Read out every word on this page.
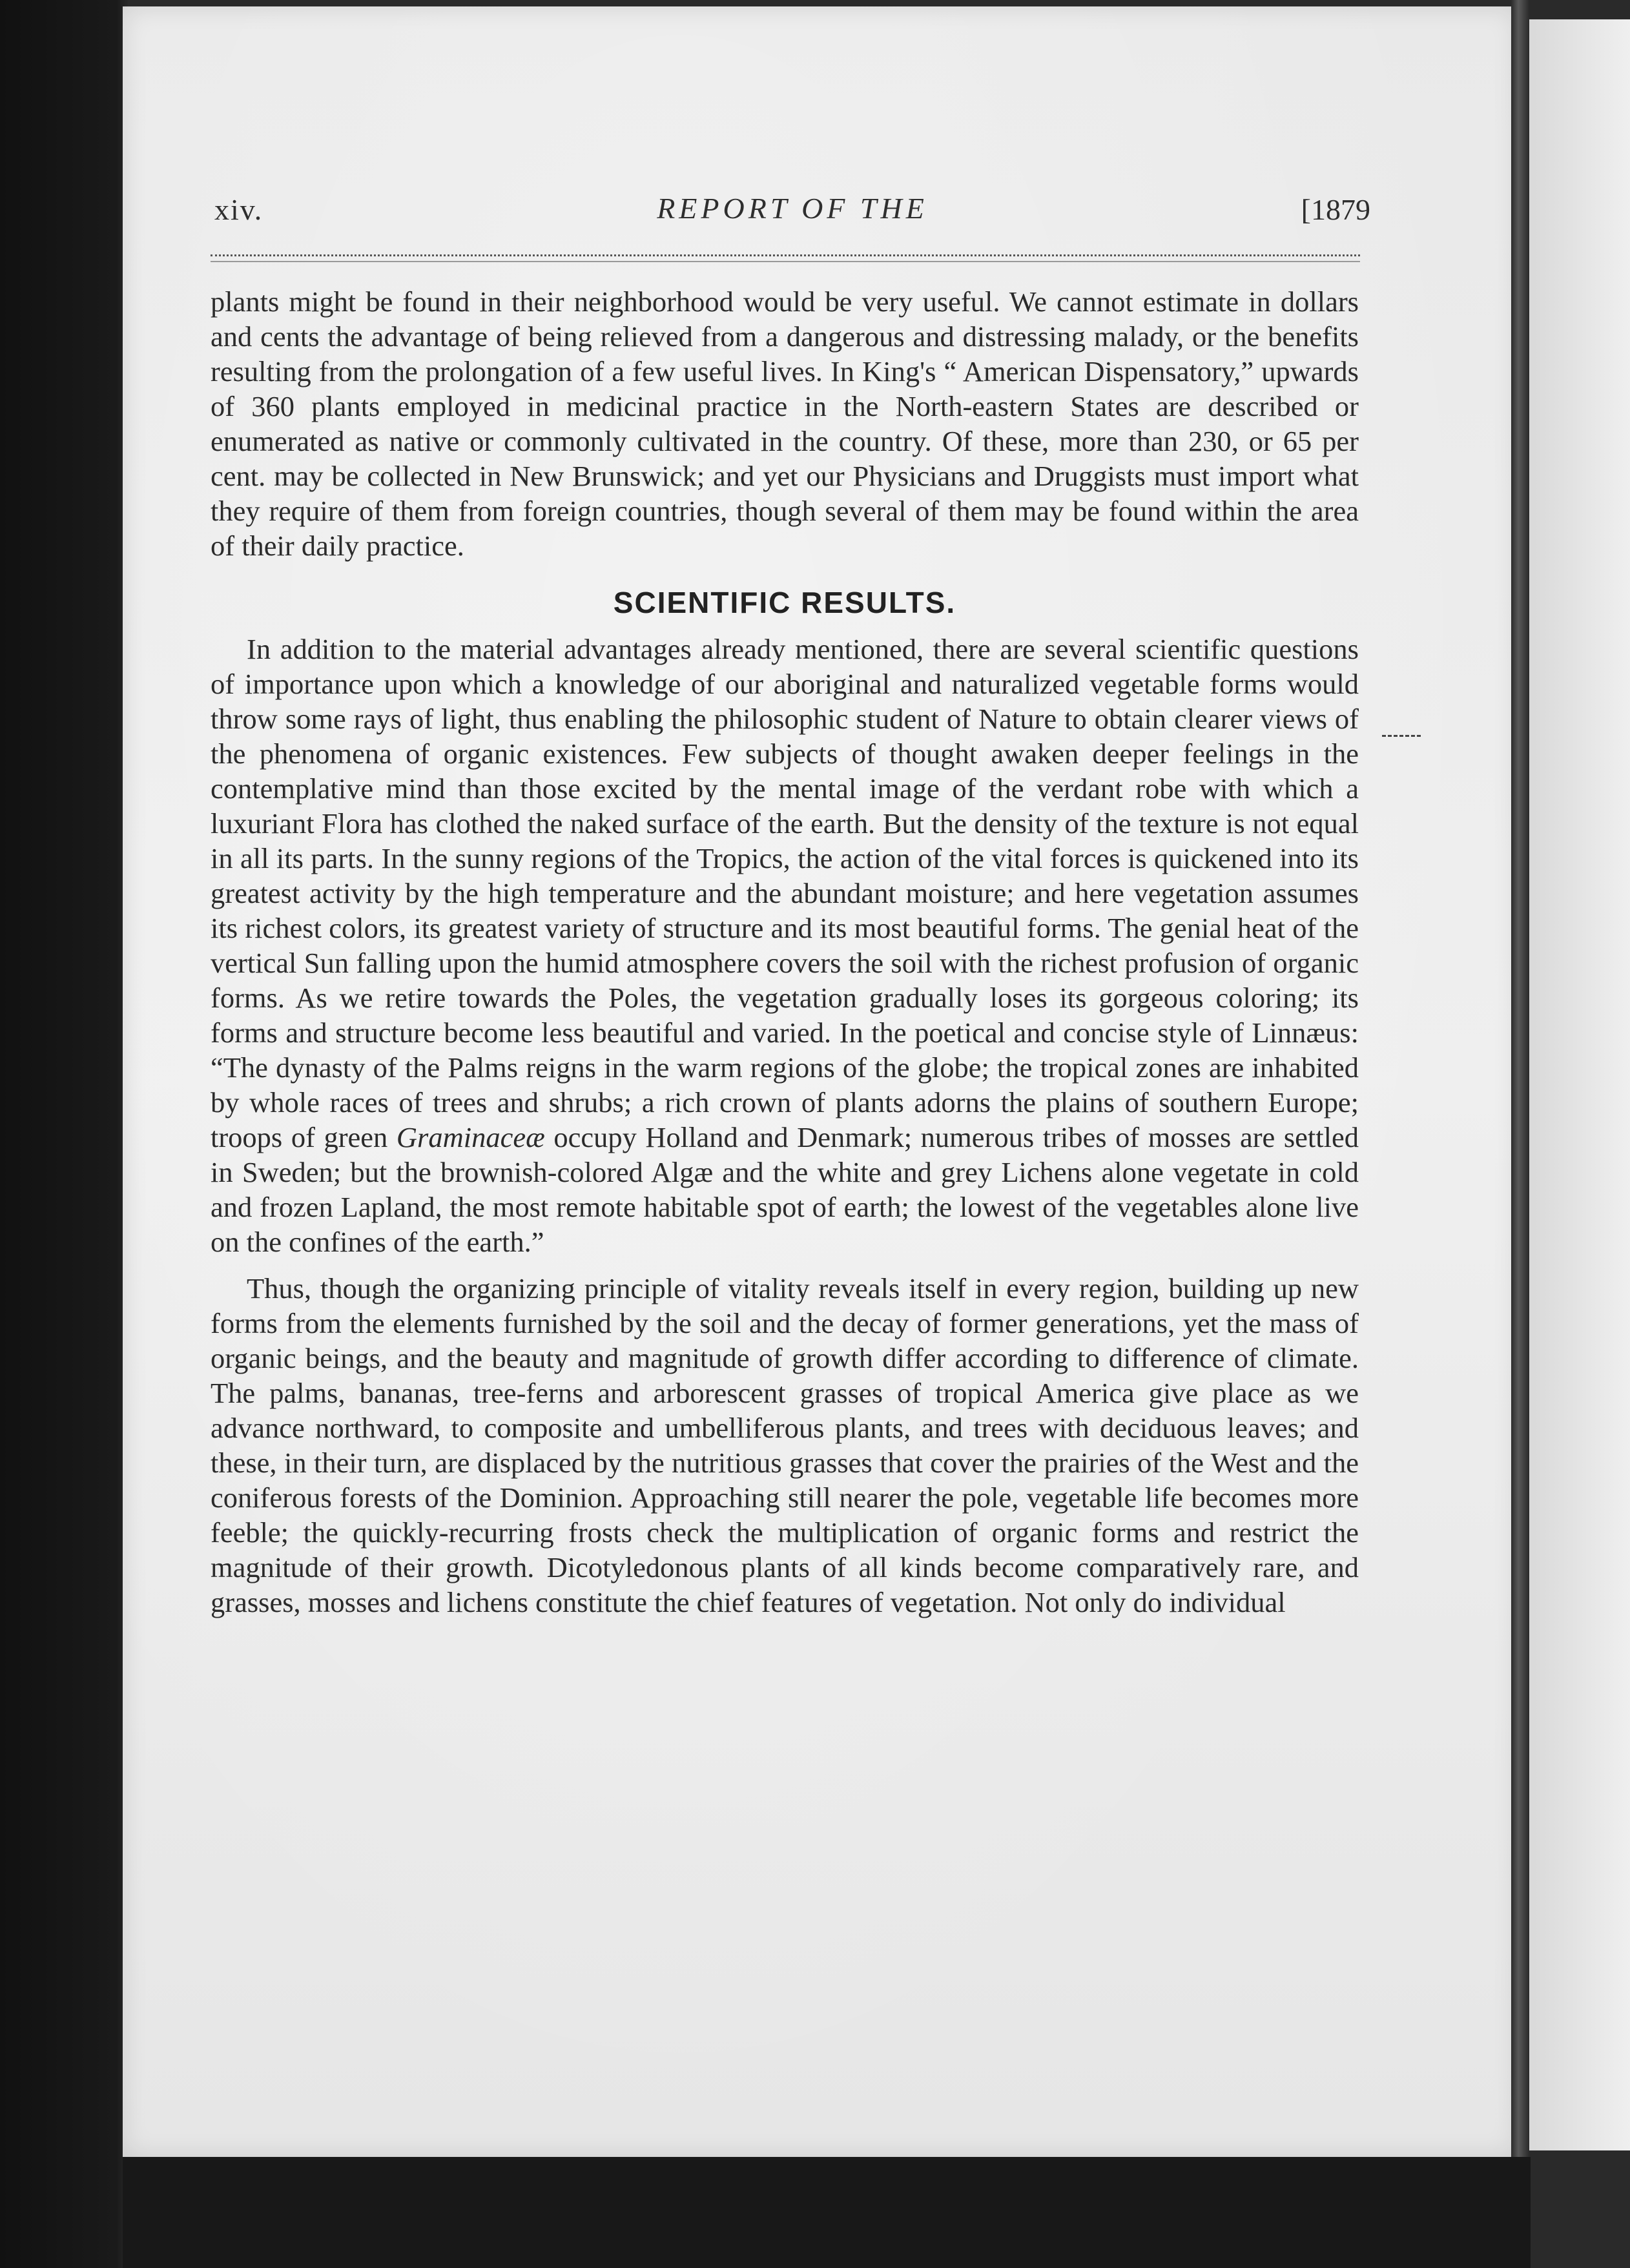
xiv.	REPORT OF THE	[1879

plants might be found in their neighborhood would be very useful. We cannot estimate in dollars and cents the advantage of being relieved from a dangerous and distressing malady, or the benefits resulting from the prolongation of a few useful lives. In King's “ American Dispensatory,” upwards of 360 plants employed in medicinal practice in the North-eastern States are described or enumerated as native or commonly cultivated in the country. Of these, more than 230, or 65 per cent. may be collected in New Brunswick; and yet our Physicians and Druggists must import what they require of them from foreign countries, though several of them may be found within the area of their daily practice.

SCIENTIFIC RESULTS.

In addition to the material advantages already mentioned, there are several scientific questions of importance upon which a knowledge of our aboriginal and naturalized vegetable forms would throw some rays of light, thus enabling the philosophic student of Nature to obtain clearer views of the phenomena of organic existences. Few subjects of thought awaken deeper feelings in the contemplative mind than those excited by the mental image of the verdant robe with which a luxuriant Flora has clothed the naked surface of the earth. But the density of the texture is not equal in all its parts. In the sunny regions of the Tropics, the action of the vital forces is quickened into its greatest activity by the high temperature and the abundant moisture; and here vegetation assumes its richest colors, its greatest variety of structure and its most beautiful forms. The genial heat of the vertical Sun falling upon the humid atmosphere covers the soil with the richest profusion of organic forms. As we retire towards the Poles, the vegetation gradually loses its gorgeous coloring; its forms and structure become less beautiful and varied. In the poetical and concise style of Linnæus: “The dynasty of the Palms reigns in the warm regions of the globe; the tropical zones are inhabited by whole races of trees and shrubs; a rich crown of plants adorns the plains of southern Europe; troops of green Graminaceæ occupy Holland and Denmark; numerous tribes of mosses are settled in Sweden; but the brownish-colored Algæ and the white and grey Lichens alone vegetate in cold and frozen Lapland, the most remote habitable spot of earth; the lowest of the vegetables alone live on the confines of the earth.”

Thus, though the organizing principle of vitality reveals itself in every region, building up new forms from the elements furnished by the soil and the decay of former generations, yet the mass of organic beings, and the beauty and magnitude of growth differ according to difference of climate. The palms, bananas, tree-ferns and arborescent grasses of tropical America give place as we advance northward, to composite and umbelliferous plants, and trees with deciduous leaves; and these, in their turn, are displaced by the nutritious grasses that cover the prairies of the West and the coniferous forests of the Dominion. Approaching still nearer the pole, vegetable life becomes more feeble; the quickly-recurring frosts check the multiplication of organic forms and restrict the magnitude of their growth. Dicotyledonous plants of all kinds become comparatively rare, and grasses, mosses and lichens constitute the chief features of vegetation. Not only do individual
